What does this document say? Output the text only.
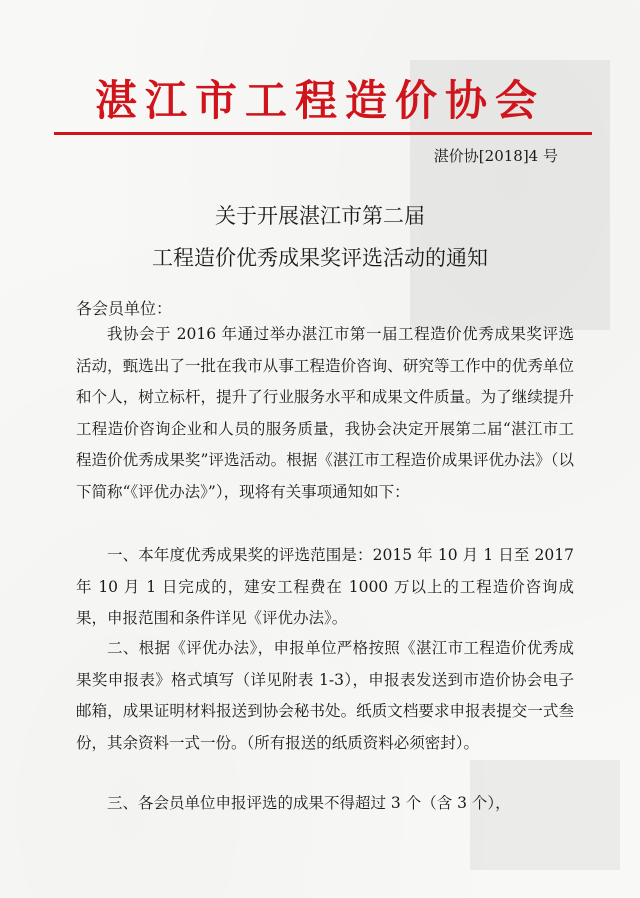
湛江市工程造价协会
湛价协[2018]4 号
关于开展湛江市第二届
工程造价优秀成果奖评选活动的通知
各会员单位：
我协会于 2016 年通过举办湛江市第一届工程造价优秀成果奖评选活动，甄选出了一批在我市从事工程造价咨询、研究等工作中的优秀单位和个人，树立标杆，提升了行业服务水平和成果文件质量。为了继续提升工程造价咨询企业和人员的服务质量，我协会决定开展第二届“湛江市工程造价优秀成果奖”评选活动。根据《湛江市工程造价成果评优办法》（以下简称“《评优办法》”），现将有关事项通知如下：
一、本年度优秀成果奖的评选范围是：2015 年 10 月 1 日至 2017 年 10 月 1 日完成的，建安工程费在 1000 万以上的工程造价咨询成果，申报范围和条件详见《评优办法》。
二、根据《评优办法》，申报单位严格按照《湛江市工程造价优秀成果奖申报表》格式填写（详见附表 1-3），申报表发送到市造价协会电子邮箱，成果证明材料报送到协会秘书处。纸质文档要求申报表提交一式叁份，其余资料一式一份。（所有报送的纸质资料必须密封）。
三、各会员单位申报评选的成果不得超过 3 个（含 3 个），
